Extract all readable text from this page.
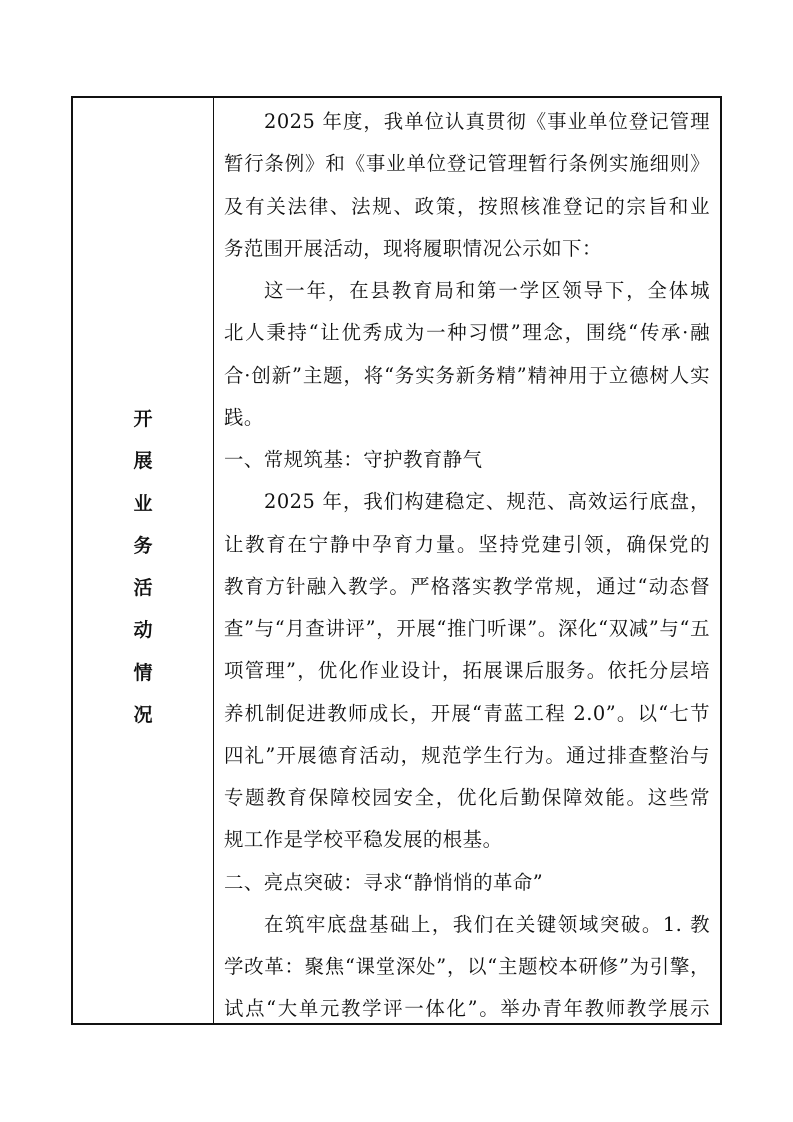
开
展
业
务
活
动
情
况
2025 年度，我单位认真贯彻《事业单位登记管理
暂行条例》和《事业单位登记管理暂行条例实施细则》
及有关法律、法规、政策，按照核准登记的宗旨和业
务范围开展活动，现将履职情况公示如下：
这一年，在县教育局和第一学区领导下，全体城
北人秉持“让优秀成为一种习惯”理念，围绕“传承·融
合·创新”主题，将“务实务新务精”精神用于立德树人实
践。
一、常规筑基：守护教育静气
2025 年，我们构建稳定、规范、高效运行底盘，
让教育在宁静中孕育力量。坚持党建引领，确保党的
教育方针融入教学。严格落实教学常规，通过“动态督
查”与“月查讲评”，开展“推门听课”。深化“双减”与“五
项管理”，优化作业设计，拓展课后服务。依托分层培
养机制促进教师成长，开展“青蓝工程 2.0”。以“七节
四礼”开展德育活动，规范学生行为。通过排查整治与
专题教育保障校园安全，优化后勤保障效能。这些常
规工作是学校平稳发展的根基。
二、亮点突破：寻求“静悄悄的革命”
在筑牢底盘基础上，我们在关键领域突破。1. 教
学改革：聚焦“课堂深处”，以“主题校本研修”为引擎，
试点“大单元教学评一体化”。举办青年教师教学展示
